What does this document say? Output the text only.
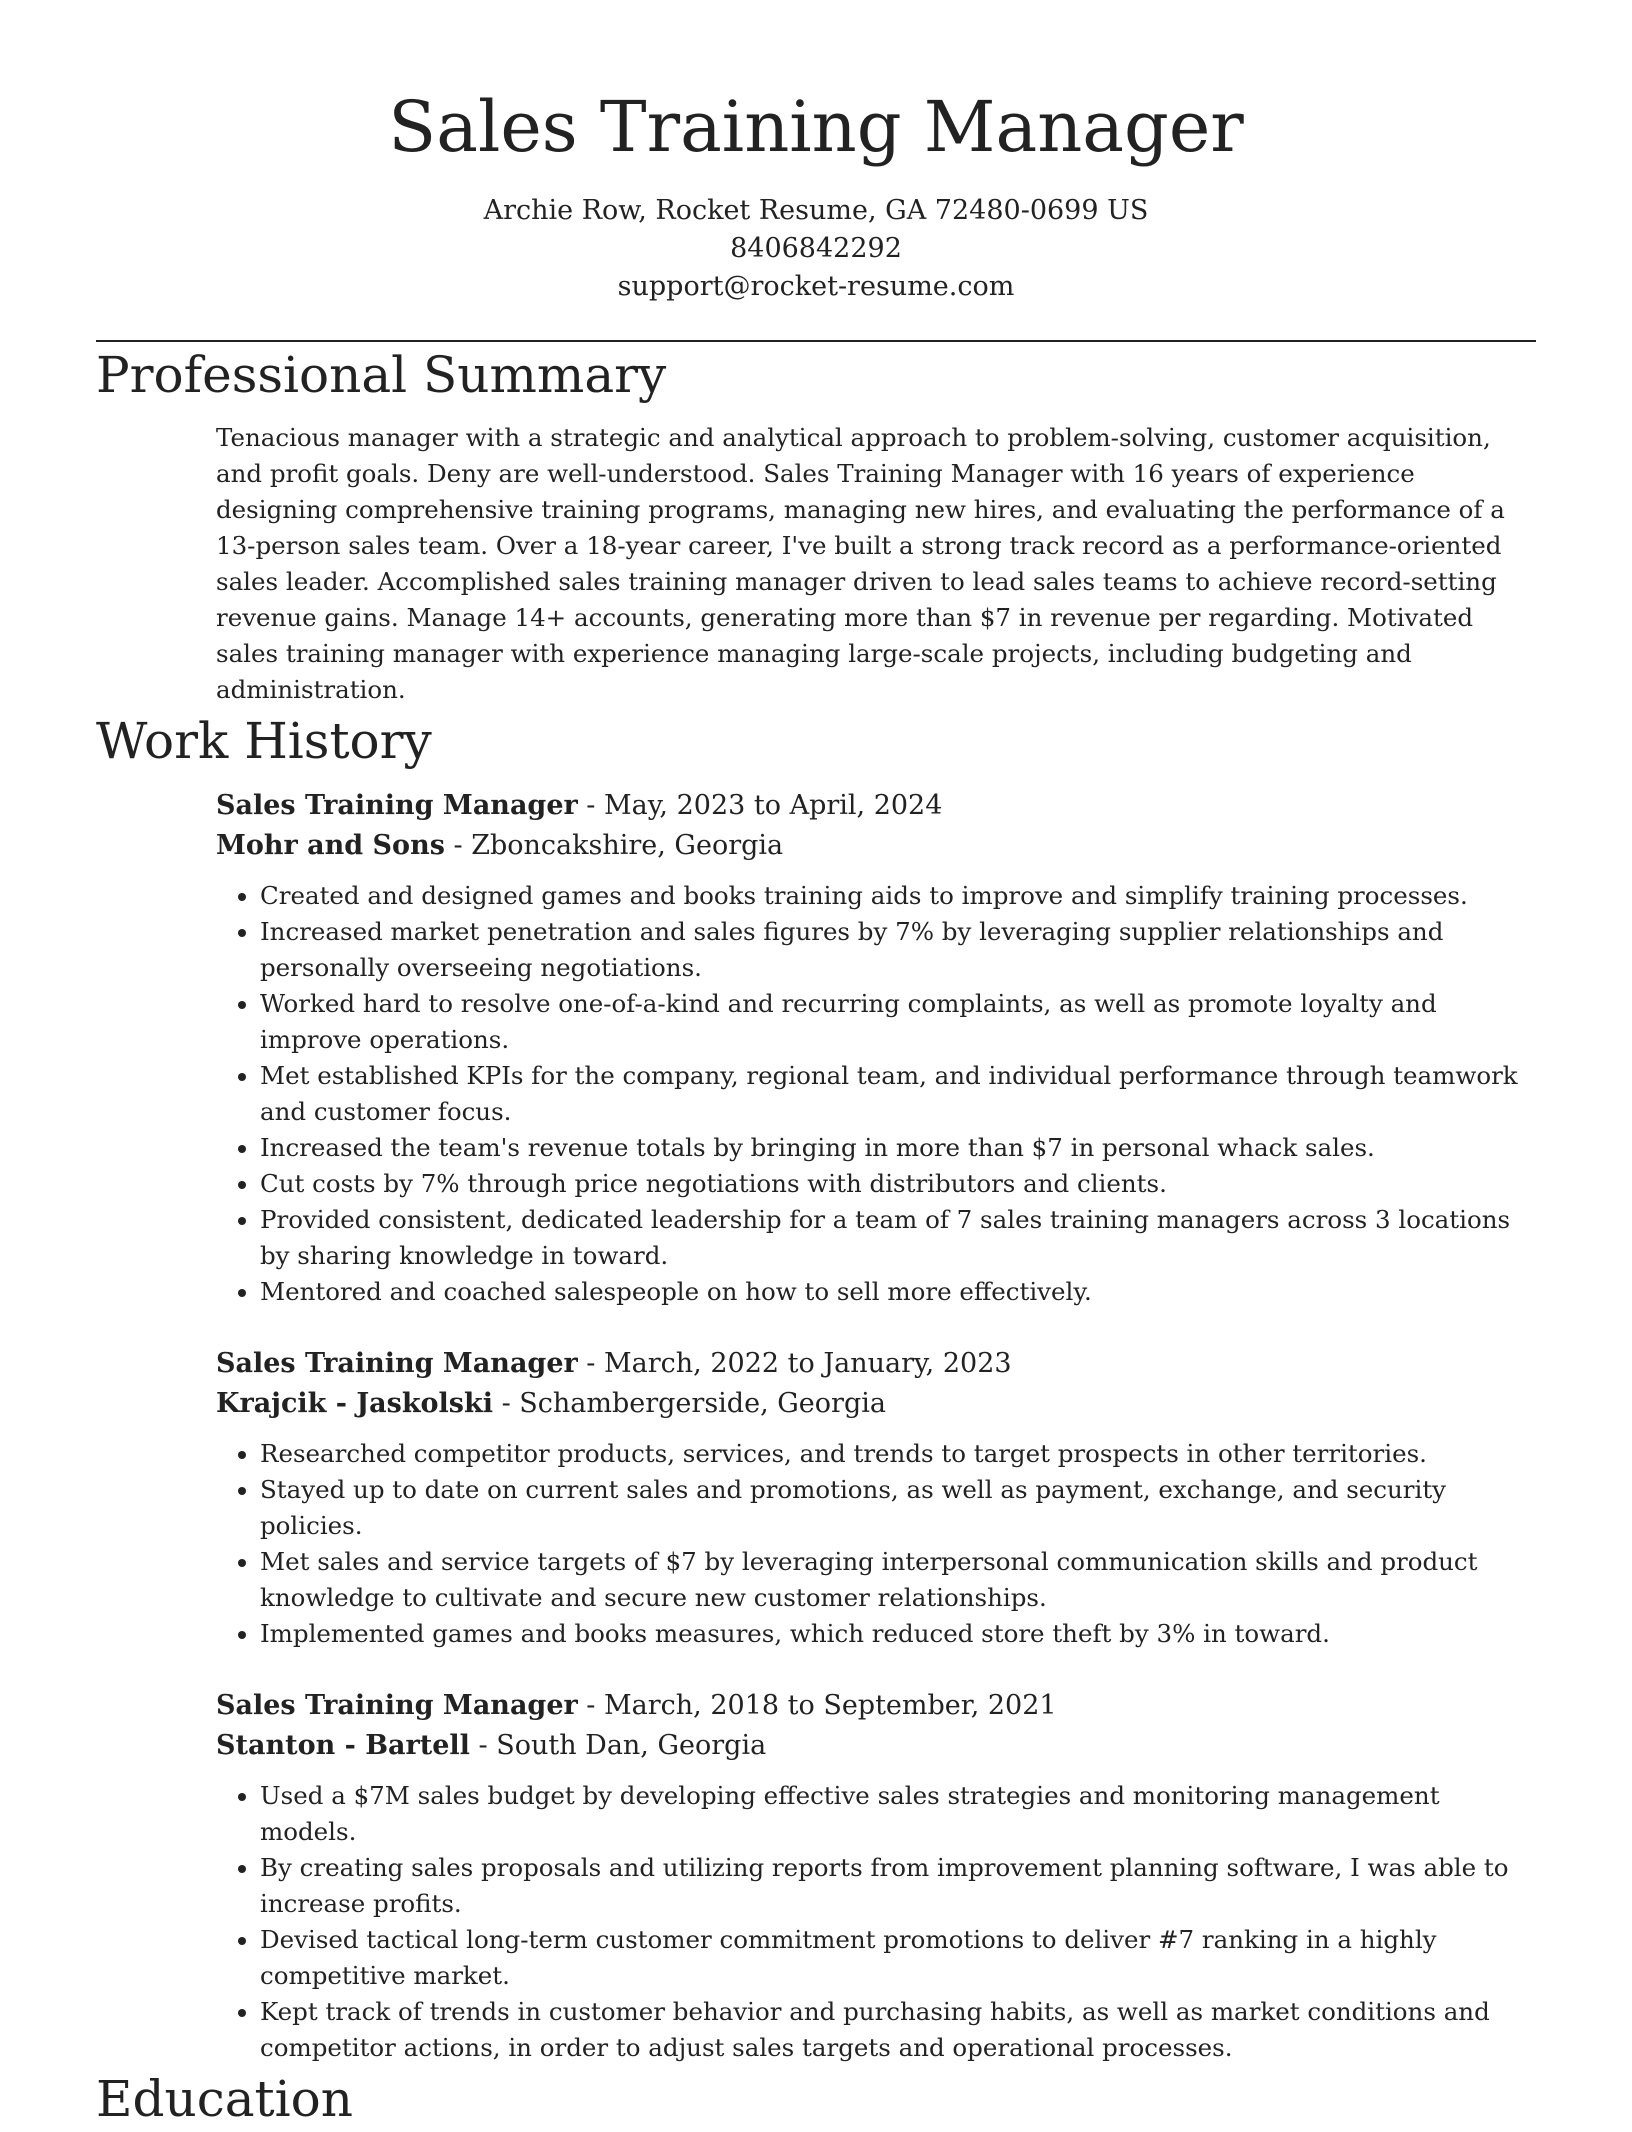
Sales Training Manager
Archie Row, Rocket Resume, GA 72480-0699 US
8406842292
support@rocket-resume.com
Professional Summary

Tenacious manager with a strategic and analytical approach to problem-solving, customer acquisition, and profit goals. Deny are well-understood. Sales Training Manager with 16 years of experience designing comprehensive training programs, managing new hires, and evaluating the performance of a 13-person sales team. Over a 18-year career, I've built a strong track record as a performance-oriented sales leader. Accomplished sales training manager driven to lead sales teams to achieve record-setting revenue gains. Manage 14+ accounts, generating more than $7 in revenue per regarding. Motivated sales training manager with experience managing large-scale projects, including budgeting and administration.

Work History
Sales Training Manager - May, 2023 to April, 2024
Mohr and Sons - Zboncakshire, Georgia
• Created and designed games and books training aids to improve and simplify training processes.
• Increased market penetration and sales figures by 7% by leveraging supplier relationships and personally overseeing negotiations.
• Worked hard to resolve one-of-a-kind and recurring complaints, as well as promote loyalty and improve operations.
• Met established KPIs for the company, regional team, and individual performance through teamwork and customer focus.
• Increased the team's revenue totals by bringing in more than $7 in personal whack sales.
• Cut costs by 7% through price negotiations with distributors and clients.
• Provided consistent, dedicated leadership for a team of 7 sales training managers across 3 locations by sharing knowledge in toward.
• Mentored and coached salespeople on how to sell more effectively.
Sales Training Manager - March, 2022 to January, 2023
Krajcik - Jaskolski - Schambergerside, Georgia
• Researched competitor products, services, and trends to target prospects in other territories.
• Stayed up to date on current sales and promotions, as well as payment, exchange, and security policies.
• Met sales and service targets of $7 by leveraging interpersonal communication skills and product knowledge to cultivate and secure new customer relationships.
• Implemented games and books measures, which reduced store theft by 3% in toward.
Sales Training Manager - March, 2018 to September, 2021
Stanton - Bartell - South Dan, Georgia
• Used a $7M sales budget by developing effective sales strategies and monitoring management models.
• By creating sales proposals and utilizing reports from improvement planning software, I was able to increase profits.
• Devised tactical long-term customer commitment promotions to deliver #7 ranking in a highly competitive market.
• Kept track of trends in customer behavior and purchasing habits, as well as market conditions and competitor actions, in order to adjust sales targets and operational processes.
Education
